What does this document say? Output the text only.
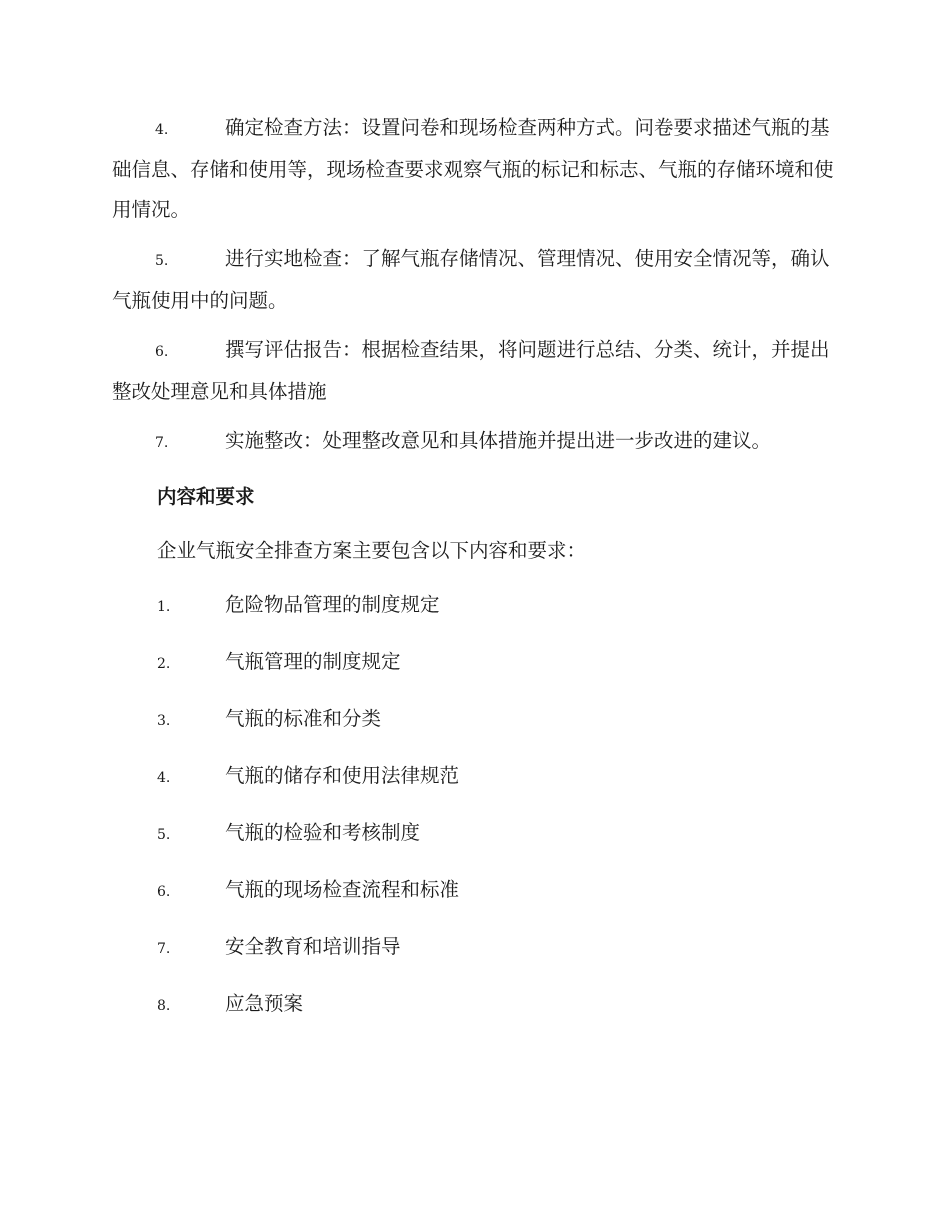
4.	确定检查方法：设置问卷和现场检查两种方式。问卷要求描述气瓶的基础信息、存储和使用等，现场检查要求观察气瓶的标记和标志、气瓶的存储环境和使用情况。

5.	进行实地检查：了解气瓶存储情况、管理情况、使用安全情况等，确认气瓶使用中的问题。

6.	撰写评估报告：根据检查结果，将问题进行总结、分类、统计，并提出整改处理意见和具体措施

7.	实施整改：处理整改意见和具体措施并提出进一步改进的建议。

内容和要求

企业气瓶安全排查方案主要包含以下内容和要求：

1.	危险物品管理的制度规定
2.	气瓶管理的制度规定
3.	气瓶的标准和分类
4.	气瓶的储存和使用法律规范
5.	气瓶的检验和考核制度
6.	气瓶的现场检查流程和标准
7.	安全教育和培训指导
8.	应急预案
